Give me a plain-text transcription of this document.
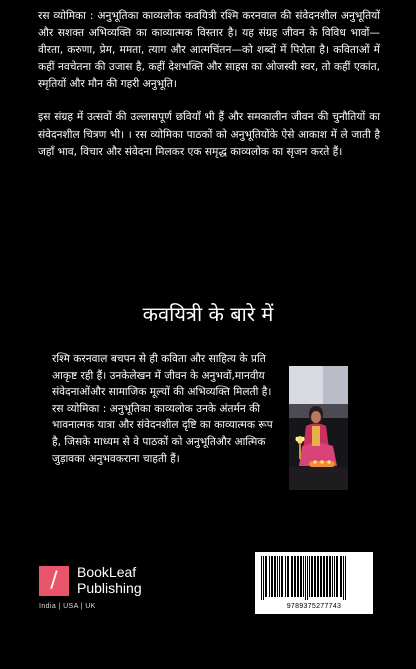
रस व्योमिका : अनुभूतिका काव्यलोक कवयित्री रश्मि करनवाल की संवेदनशील अनुभूतियों और सशक्त अभिव्यक्ति का काव्यात्मक विस्तार है। यह संग्रह जीवन के विविध भावों—वीरता, करुणा, प्रेम, ममता, त्याग और आत्मचिंतन—को शब्दों में पिरोता है। कविताओं में कहीं नवचेतना की उजास है, कहीं देशभक्ति और साहस का ओजस्वी स्वर, तो कहीं एकांत, स्मृतियों और मौन की गहरी अनुभूति।

इस संग्रह में उत्सवों की उल्लासपूर्ण छवियाँ भी हैं और समकालीन जीवन की चुनौतियों का संवेदनशील चित्रण भी। । रस व्योमिका पाठकों को अनुभूतियोंके ऐसे आकाश में ले जाती है जहाँ भाव, विचार और संवेदना मिलकर एक समृद्ध काव्यलोक का सृजन करते हैं।

कवयित्री के बारे में
रश्मि करनवाल बचपन से ही कविता और साहित्य के प्रति आकृष्ट रही हैं। उनकेलेखन में जीवन के अनुभवों,मानवीय संवेदनाओंऔर सामाजिक मूल्यों की अभिव्यक्ति मिलती है। रस व्योमिका : अनुभूतिका काव्यलोक उनके अंतर्मन की भावनात्मक यात्रा और संवेदनशील दृष्टि का काव्यात्मक रूप है, जिसके माध्यम से वे पाठकों को अनुभूतिऔर आत्मिक जुड़ावका अनुभवकराना चाहती हैं।
/	BookLeaf
Publishing
India | USA | UK	9789375277743
